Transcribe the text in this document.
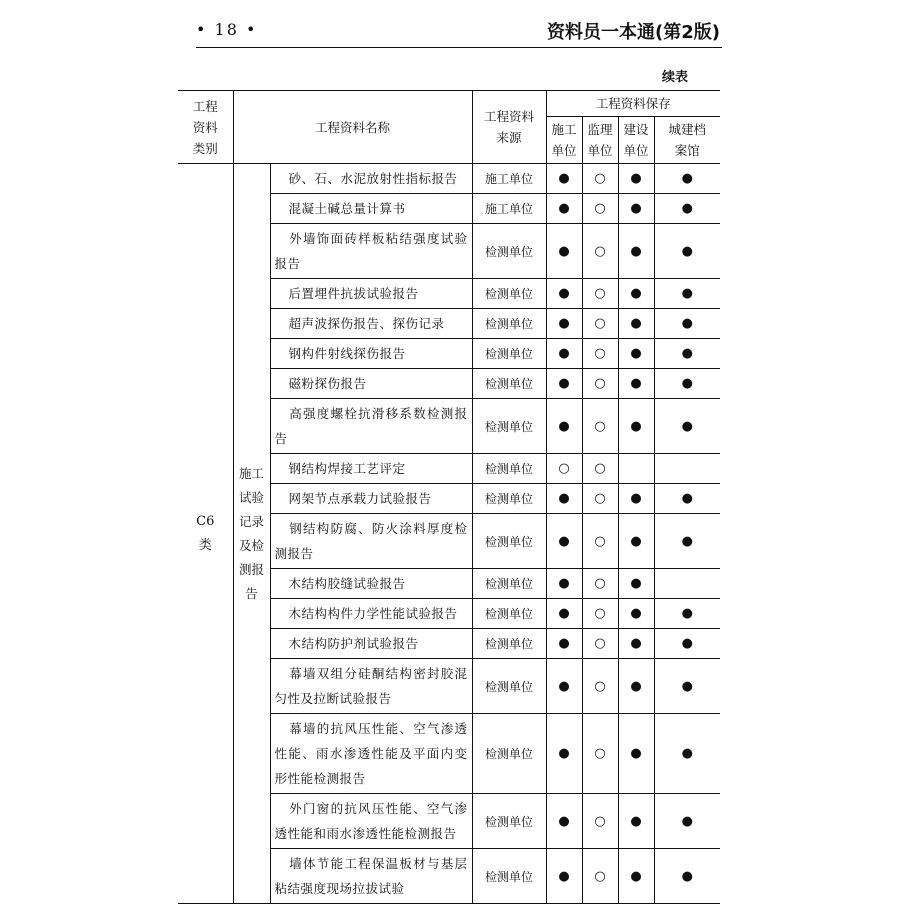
• 18 •	资料员一本通(第2版)
续表
工程资料类别	工程资料名称		工程资料来源	工程资料保存			
				施工单位	监理单位	建设单位	城建档案馆
C6类	施工试验记录及检测报告	砂、石、水泥放射性指标报告	施工单位	●	○	●	●
		混凝土碱总量计算书	施工单位	●	○	●	●
		外墙饰面砖样板粘结强度试验报告	检测单位	●	○	●	●
		后置埋件抗拔试验报告	检测单位	●	○	●	●
		超声波探伤报告、探伤记录	检测单位	●	○	●	●
		钢构件射线探伤报告	检测单位	●	○	●	●
		磁粉探伤报告	检测单位	●	○	●	●
		高强度螺栓抗滑移系数检测报告	检测单位	●	○	●	●
		钢结构焊接工艺评定	检测单位	○	○		
		网架节点承载力试验报告	检测单位	●	○	●	●
		钢结构防腐、防火涂料厚度检测报告	检测单位	●	○	●	●
		木结构胶缝试验报告	检测单位	●	○	●	
		木结构构件力学性能试验报告	检测单位	●	○	●	●
		木结构防护剂试验报告	检测单位	●	○	●	●
		幕墙双组分硅酮结构密封胶混匀性及拉断试验报告	检测单位	●	○	●	●
		幕墙的抗风压性能、空气渗透性能、雨水渗透性能及平面内变形性能检测报告	检测单位	●	○	●	●
		外门窗的抗风压性能、空气渗透性能和雨水渗透性能检测报告	检测单位	●	○	●	●
		墙体节能工程保温板材与基层粘结强度现场拉拔试验	检测单位	●	○	●	●
